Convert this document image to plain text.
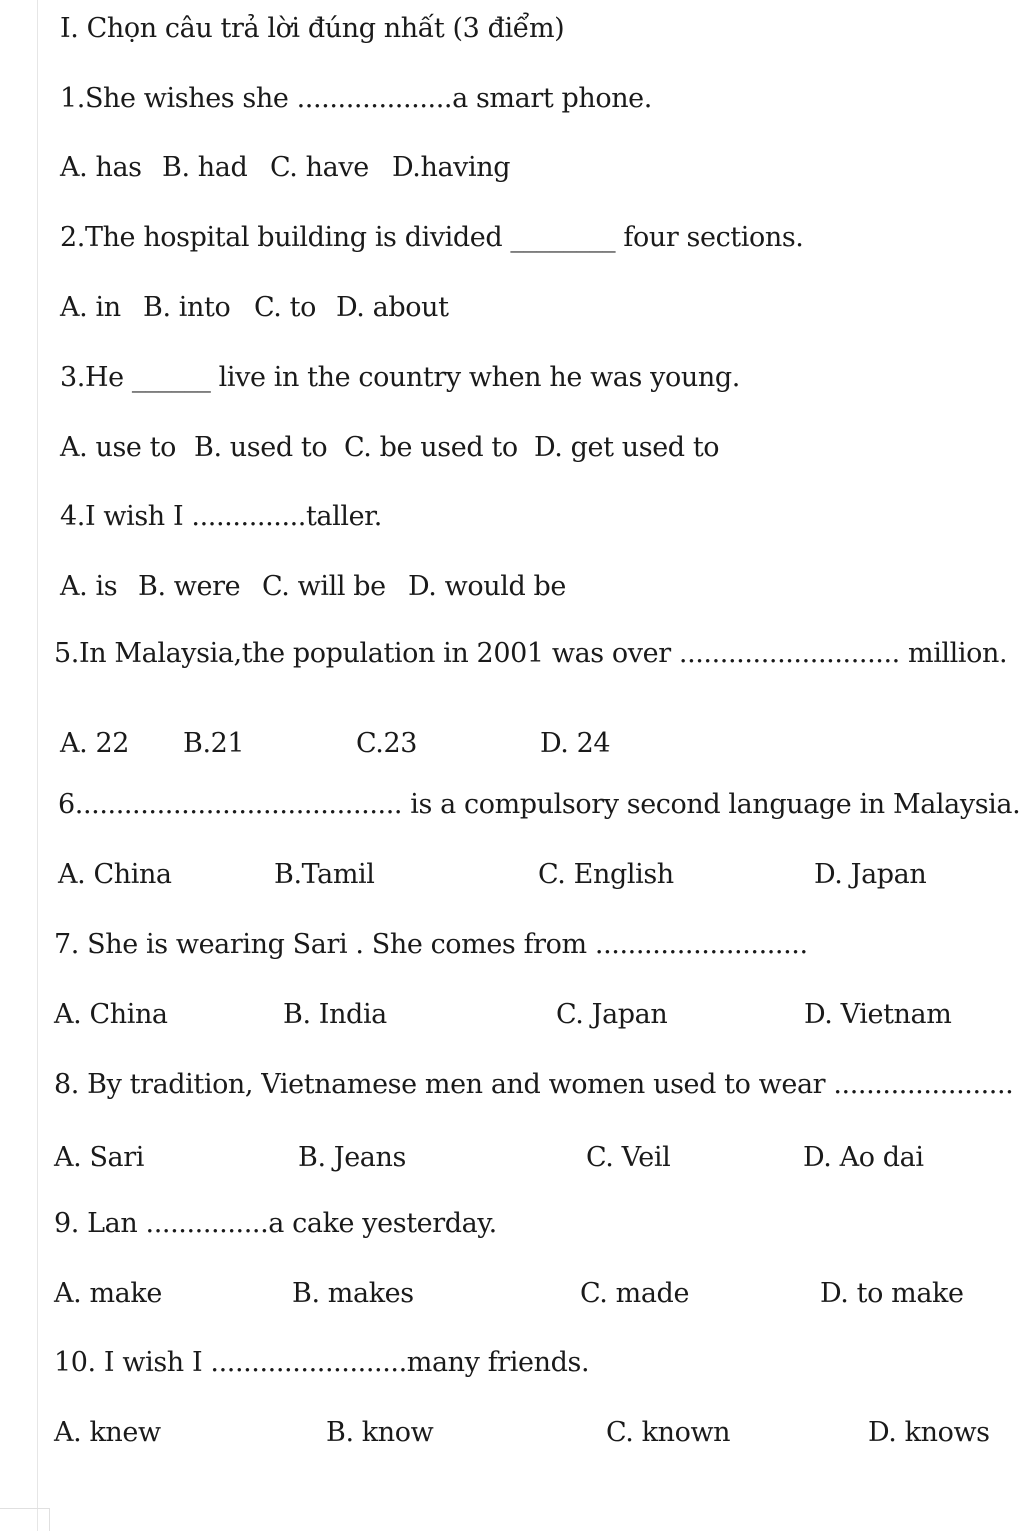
I. Chọn câu trả lời đúng nhất (3 điểm)
1.She wishes she ...................a smart phone.
A. has B. had C. have D.having
2.The hospital building is divided ________ four sections.
A. in B. into C. to D. about
3.He ______ live in the country when he was young.
A. use to B. used to C. be used to D. get used to
4.I wish I ..............taller.
A. is B. were C. will be D. would be
5.In Malaysia,the population in 2001 was over ........................... million.
A. 22 B.21	C.23	D. 24
6........................................ is a compulsory second language in Malaysia.
A. China	B.Tamil	C. English	D. Japan
7. She is wearing Sari . She comes from ..........................
A. China	B. India	C. Japan	D. Vietnam
8. By tradition, Vietnamese men and women used to wear ......................
A. Sari	B. Jeans	C. Veil	D. Ao dai
9. Lan ...............a cake yesterday.
A. make	B. makes	C. made	D. to make
10. I wish I ........................many friends.
A. knew	B. know	C. known	D. knows
